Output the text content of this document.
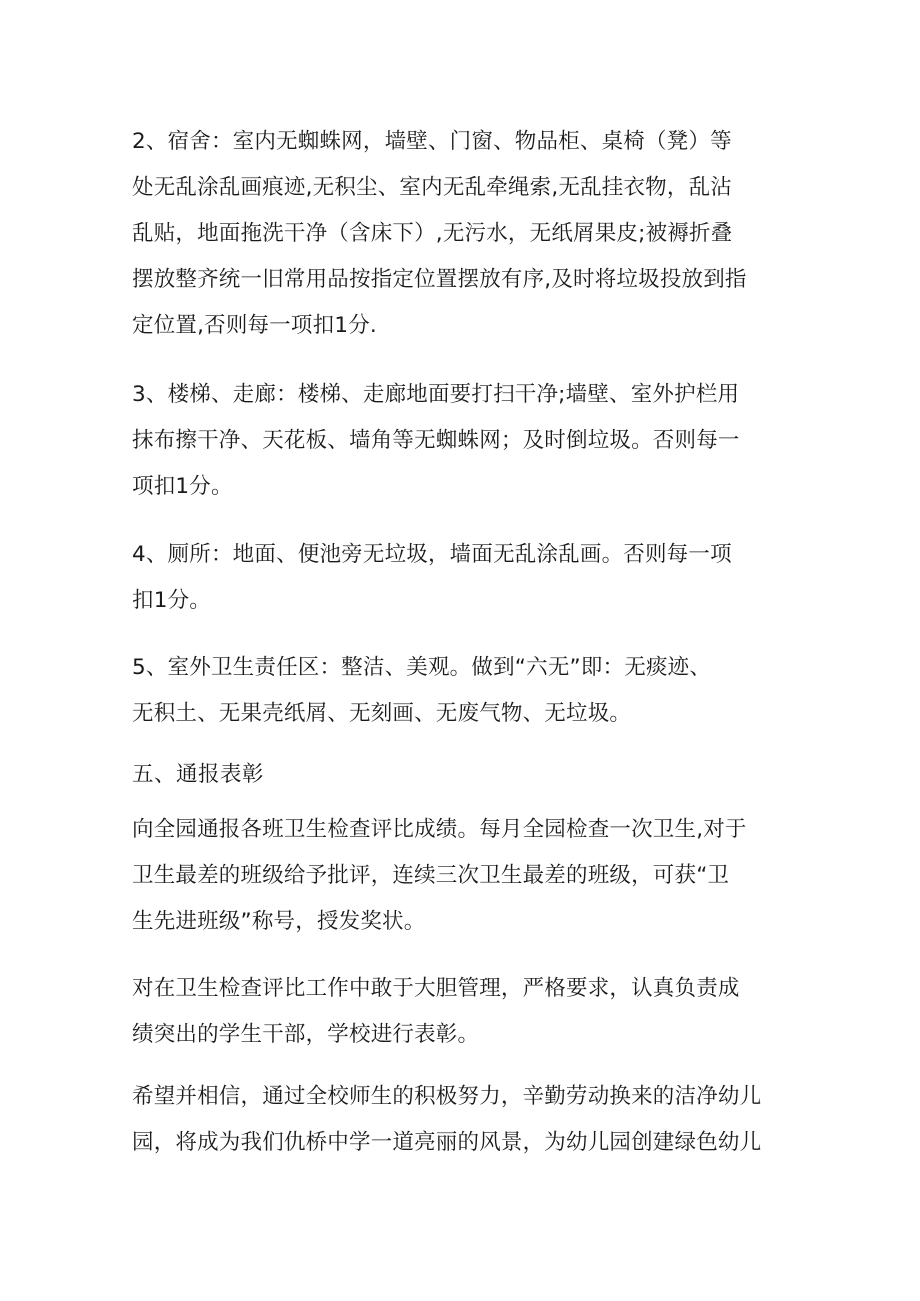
2、宿舍：室内无蜘蛛网，墙壁、门窗、物品柜、桌椅（凳）等
处无乱涂乱画痕迹,无积尘、室内无乱牵绳索,无乱挂衣物，乱沾
乱贴，地面拖洗干净（含床下）,无污水，无纸屑果皮;被褥折叠
摆放整齐统一旧常用品按指定位置摆放有序,及时将垃圾投放到指
定位置,否则每一项扣1分.
3、楼梯、走廊：楼梯、走廊地面要打扫干净;墙壁、室外护栏用
抹布擦干净、天花板、墙角等无蜘蛛网；及时倒垃圾。否则每一
项扣1分。
4、厕所：地面、便池旁无垃圾，墙面无乱涂乱画。否则每一项
扣1分。
5、室外卫生责任区：整洁、美观。做到“六无”即：无痰迹、
无积土、无果壳纸屑、无刻画、无废气物、无垃圾。
五、通报表彰
向全园通报各班卫生检查评比成绩。每月全园检查一次卫生,对于
卫生最差的班级给予批评，连续三次卫生最差的班级，可获“卫
生先进班级”称号，授发奖状。
对在卫生检查评比工作中敢于大胆管理，严格要求，认真负责成
绩突出的学生干部，学校进行表彰。
希望并相信，通过全校师生的积极努力，辛勤劳动换来的洁净幼儿
园，将成为我们仇桥中学一道亮丽的风景，为幼儿园创建绿色幼儿
